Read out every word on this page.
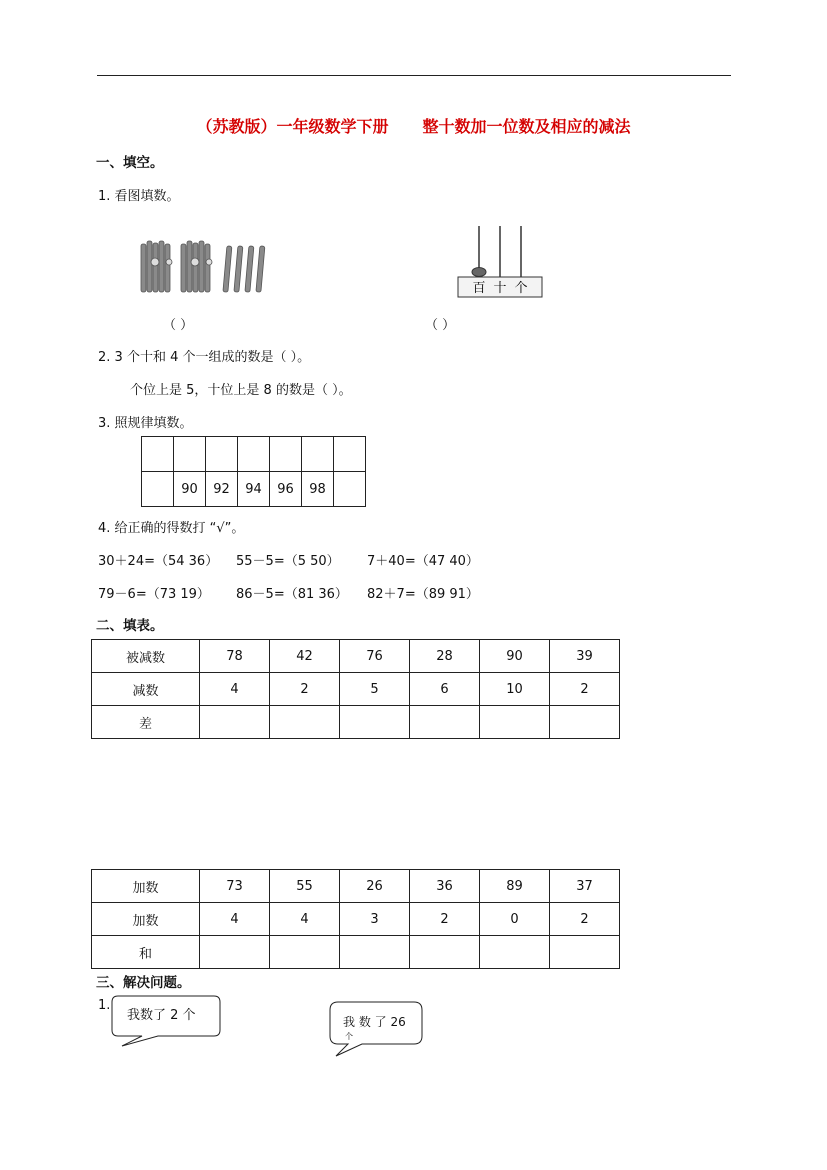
（苏教版）一年级数学下册 整十数加一位数及相应的减法
一、填空。
1. 看图填数。
（ ）
百 十 个
（ ）
2. 3 个十和 4 个一组成的数是（ ）。
个位上是 5，十位上是 8 的数是（ ）。
3. 照规律填数。

	90	92	94	96	98	
4. 给正确的得数打 “√”。
30＋24=（54 36） 55－5=（5 50） 7＋40=（47 40）
79－6=（73 19） 86－5=（81 36） 82＋7=（89 91）
二、填表。
被减数	78	42	76	28	90	39
减数	4	2	5	6	10	2
差						
加数	73	55	26	36	89	37
加数	4	4	3	2	0	2
和						
三、解决问题。
1.
我数了 2 个	我 数 了 26
个
